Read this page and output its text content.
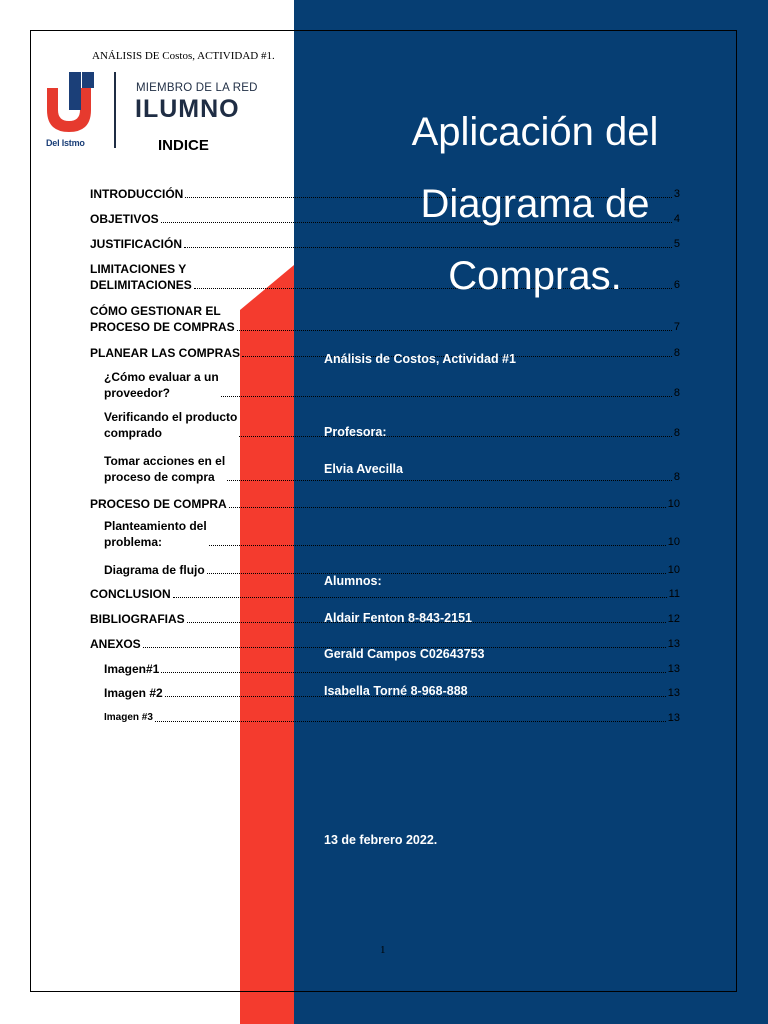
ANÁLISIS DE Costos, ACTIVIDAD #1.
Del Istmo
MIEMBRO DE LA RED
ILUMNO
INDICE
INTRODUCCIÓN	3
OBJETIVOS	4
JUSTIFICACIÓN	5
LIMITACIONES Y
DELIMITACIONES	6
CÓMO GESTIONAR EL
PROCESO DE COMPRAS	7
PLANEAR LAS COMPRAS	8
¿Cómo evaluar a un
proveedor?	8
Verificando el producto
comprado	8
Tomar acciones en el
proceso de compra	8
PROCESO DE COMPRA	10
Planteamiento del
problema:	10
Diagrama de flujo	10
CONCLUSION	11
BIBLIOGRAFIAS	12
ANEXOS	13
Imagen#1	13
Imagen #2	13
Imagen #3	13
Aplicación del
Diagrama de
Compras.
Análisis de Costos, Actividad #1
Profesora:
Elvia Avecilla
Alumnos:
Aldair Fenton 8-843-2151
Gerald Campos C02643753
Isabella Torné 8-968-888
13 de febrero 2022.
1
